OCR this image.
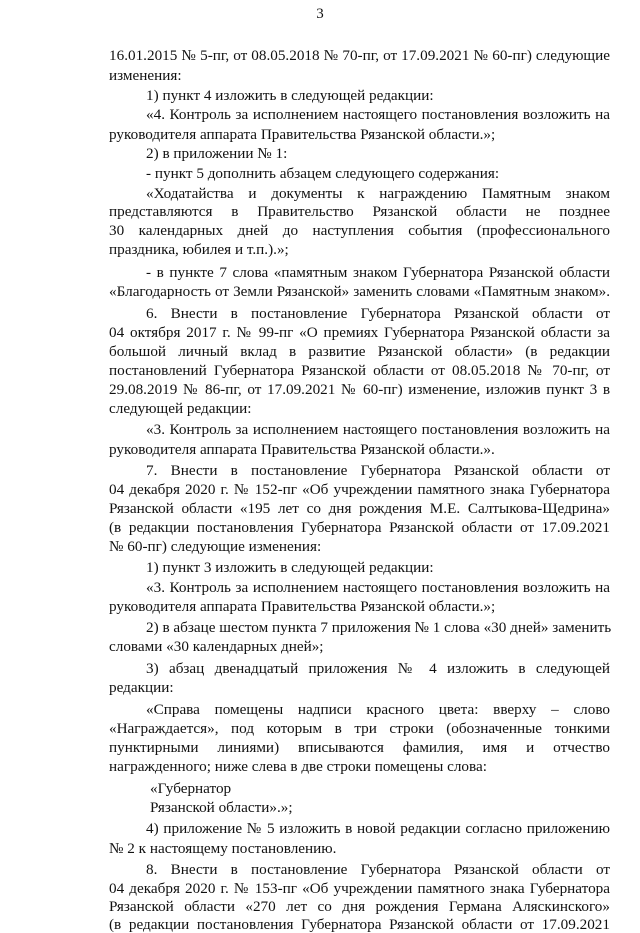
3
16.01.2015 № 5-пг, от 08.05.2018 № 70-пг, от 17.09.2021 № 60-пг) следующие
изменения:
1) пункт 4 изложить в следующей редакции:
«4. Контроль за исполнением настоящего постановления возложить на
руководителя аппарата Правительства Рязанской области.»;
2) в приложении № 1:
- пункт 5 дополнить абзацем следующего содержания:
«Ходатайства и документы к награждению Памятным знаком
представляются в Правительство Рязанской области не позднее
30 календарных дней до наступления события (профессионального
праздника, юбилея и т.п.).»;
- в пункте 7 слова «памятным знаком Губернатора Рязанской области
«Благодарность от Земли Рязанской» заменить словами «Памятным знаком».
6. Внести в постановление Губернатора Рязанской области от
04 октября 2017 г. № 99-пг «О премиях Губернатора Рязанской области за
большой личный вклад в развитие Рязанской области» (в редакции
постановлений Губернатора Рязанской области от 08.05.2018 № 70-пг, от
29.08.2019 № 86-пг, от 17.09.2021 № 60-пг) изменение, изложив пункт 3 в
следующей редакции:
«3. Контроль за исполнением настоящего постановления возложить на
руководителя аппарата Правительства Рязанской области.».
7. Внести в постановление Губернатора Рязанской области от
04 декабря 2020 г. № 152-пг «Об учреждении памятного знака Губернатора
Рязанской области «195 лет со дня рождения М.Е. Салтыкова-Щедрина»
(в редакции постановления Губернатора Рязанской области от 17.09.2021
№ 60-пг) следующие изменения:
1) пункт 3 изложить в следующей редакции:
«3. Контроль за исполнением настоящего постановления возложить на
руководителя аппарата Правительства Рязанской области.»;
2) в абзаце шестом пункта 7 приложения № 1 слова «30 дней» заменить
словами «30 календарных дней»;
3) абзац двенадцатый приложения № 4 изложить в следующей
редакции:
«Справа помещены надписи красного цвета: вверху – слово
«Награждается», под которым в три строки (обозначенные тонкими
пунктирными линиями) вписываются фамилия, имя и отчество
награжденного; ниже слева в две строки помещены слова:
«Губернатор
Рязанской области».»;
4) приложение № 5 изложить в новой редакции согласно приложению
№ 2 к настоящему постановлению.
8. Внести в постановление Губернатора Рязанской области от
04 декабря 2020 г. № 153-пг «Об учреждении памятного знака Губернатора
Рязанской области «270 лет со дня рождения Германа Аляскинского»
(в редакции постановления Губернатора Рязанской области от 17.09.2021
